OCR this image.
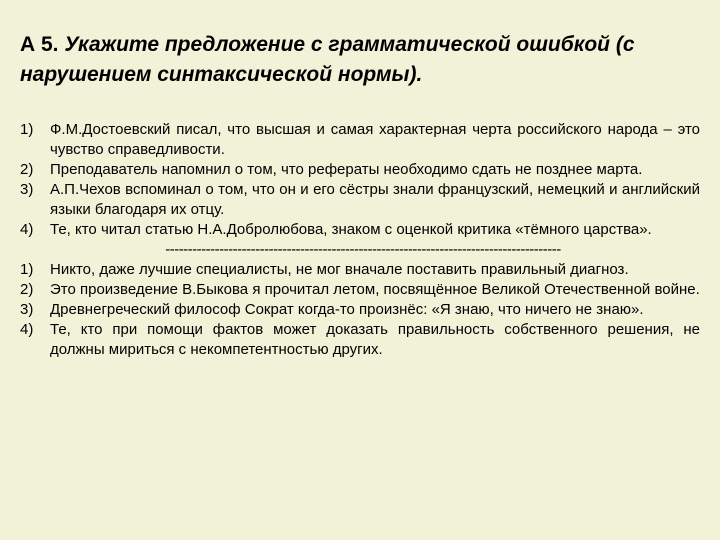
А 5. Укажите предложение с грамматической ошибкой (с нарушением синтаксической нормы).
1) Ф.М.Достоевский писал, что высшая и самая характерная черта российского народа – это чувство справедливости.
2) Преподаватель напомнил о том, что рефераты необходимо сдать не позднее марта.
3) А.П.Чехов вспоминал о том, что он и его сёстры знали французский, немецкий и английский языки благодаря их отцу.
4) Те, кто читал статью Н.А.Добролюбова, знаком с оценкой критика «тёмного царства».
----------------------------------------------------------------------------------------
1) Никто, даже лучшие специалисты, не мог вначале поставить правильный диагноз.
2) Это произведение В.Быкова я прочитал летом, посвящённое Великой Отечественной войне.
3) Древнегреческий философ Сократ когда-то произнёс: «Я знаю, что ничего не знаю».
4) Те, кто при помощи фактов может доказать правильность собственного решения, не должны мириться с некомпетентностью других.
